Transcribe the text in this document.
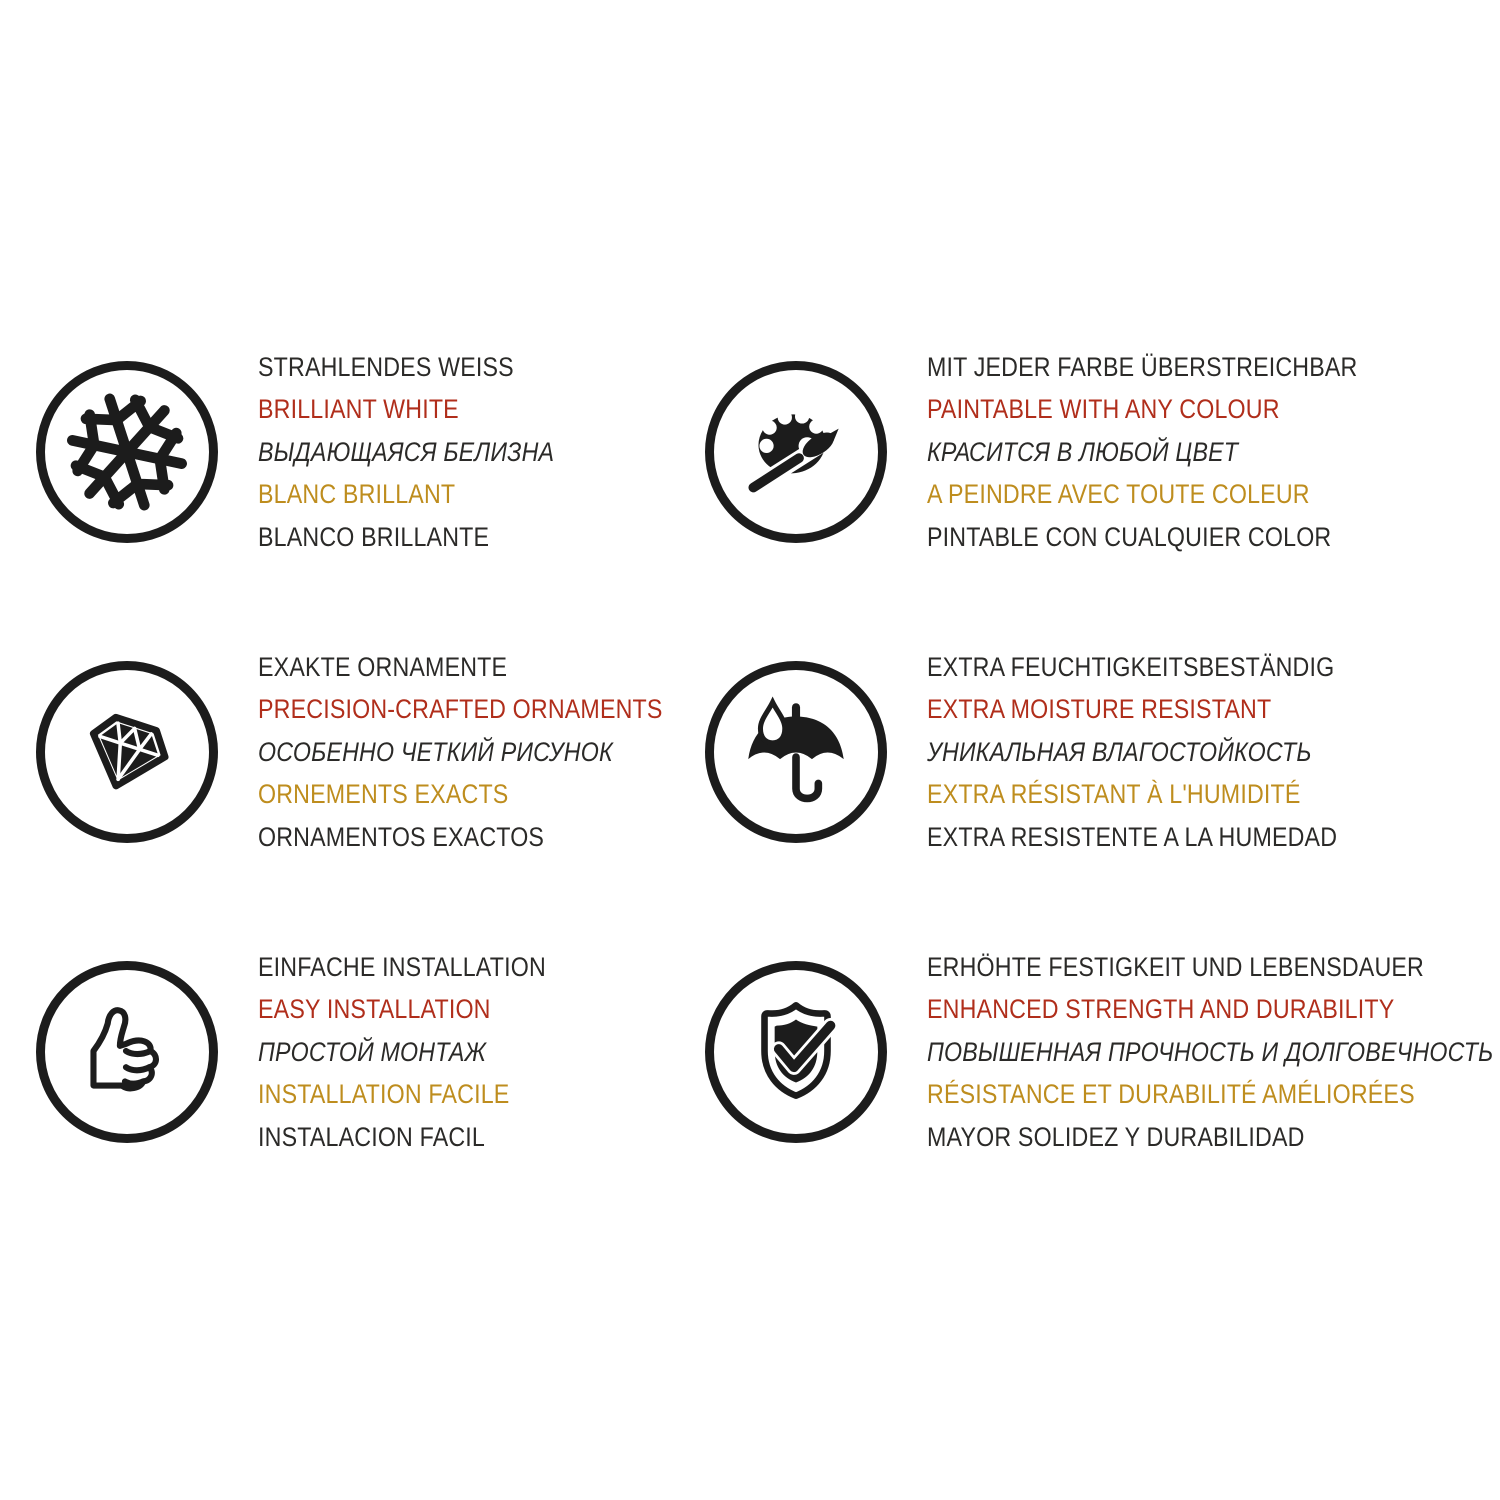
STRAHLENDES WEISS
BRILLIANT WHITE
ВЫДАЮЩАЯСЯ БЕЛИЗНА
BLANC BRILLANT
BLANCO BRILLANTE
MIT JEDER FARBE ÜBERSTREICHBAR
PAINTABLE WITH ANY COLOUR
КРАСИТСЯ В ЛЮБОЙ ЦВЕТ
A PEINDRE AVEC TOUTE COLEUR
PINTABLE CON CUALQUIER COLOR
EXAKTE ORNAMENTE
PRECISION-CRAFTED ORNAMENTS
ОСОБЕННО ЧЕТКИЙ РИСУНОК
ORNEMENTS EXACTS
ORNAMENTOS EXACTOS
EXTRA FEUCHTIGKEITSBESTÄNDIG
EXTRA MOISTURE RESISTANT
УНИКАЛЬНАЯ ВЛАГОСТОЙКОСТЬ
EXTRA RÉSISTANT À L'HUMIDITÉ
EXTRA RESISTENTE A LA HUMEDAD
EINFACHE INSTALLATION
EASY INSTALLATION
ПРОСТОЙ МОНТАЖ
INSTALLATION FACILE
INSTALACION FACIL
ERHÖHTE FESTIGKEIT UND LEBENSDAUER
ENHANCED STRENGTH AND DURABILITY
ПОВЫШЕННАЯ ПРОЧНОСТЬ И ДОЛГОВЕЧНОСТЬ
RÉSISTANCE ET DURABILITÉ AMÉLIORÉES
MAYOR SOLIDEZ Y DURABILIDAD
